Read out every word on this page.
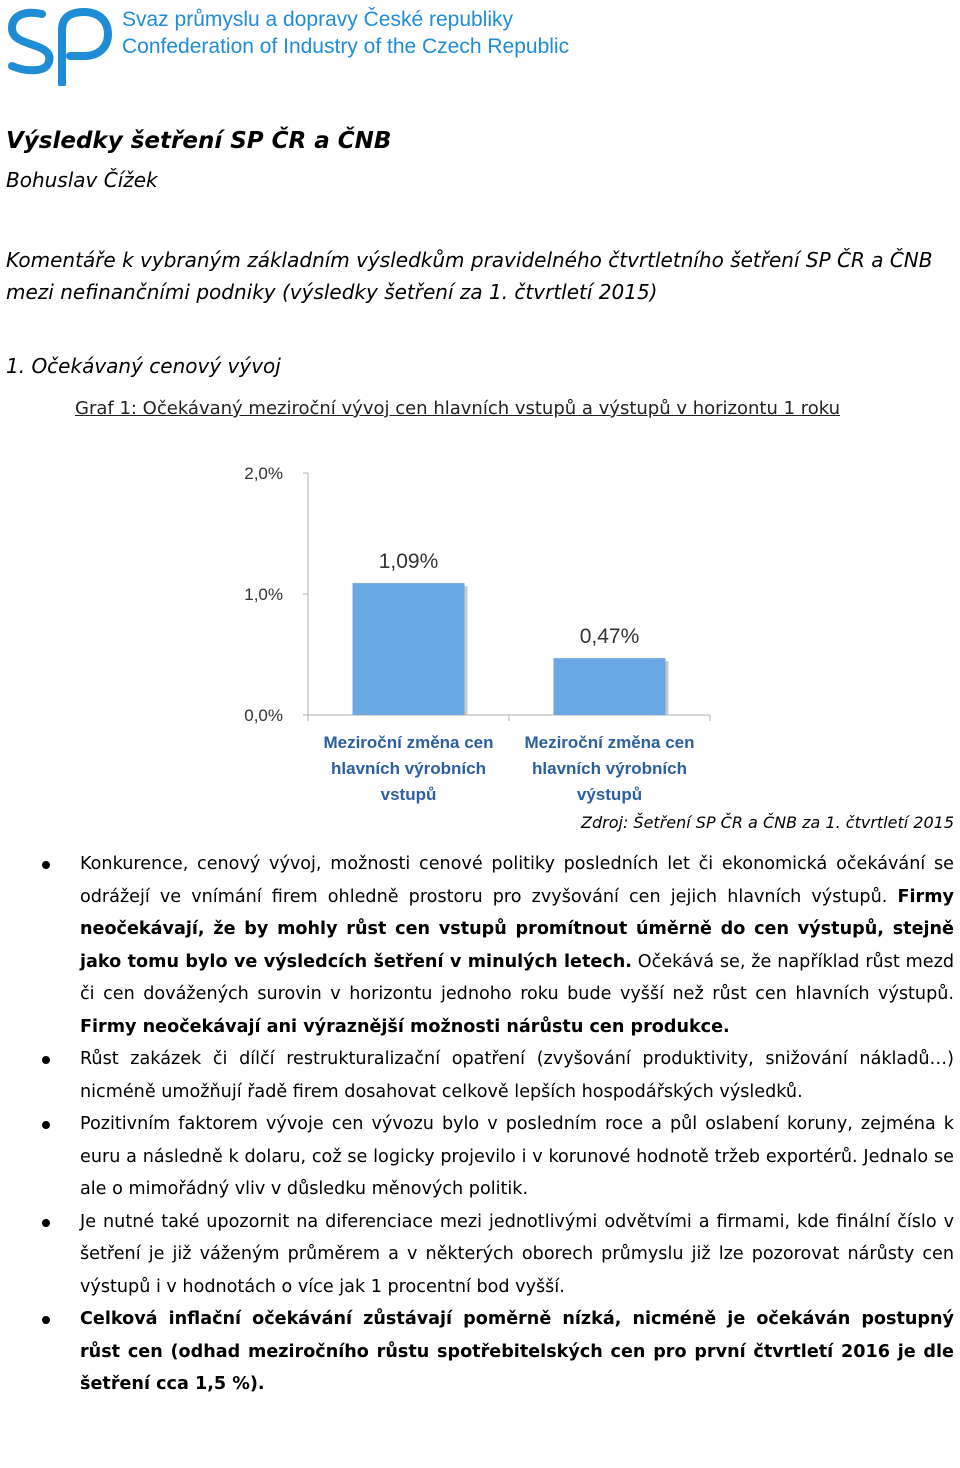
Svaz průmyslu a dopravy České republiky
Confederation of Industry of the Czech Republic
Výsledky šetření SP ČR a ČNB
Bohuslav Čížek
Komentáře k vybraným základním výsledkům pravidelného čtvrtletního šetření SP ČR a ČNB mezi nefinančními podniky (výsledky šetření za 1. čtvrtletí 2015)
1. Očekávaný cenový vývoj
Graf 1: Očekávaný meziroční vývoj cen hlavních vstupů a výstupů v horizontu 1 roku
0,0%
1,0%
2,0%
1,09%
Meziroční změna cen hlavních výrobních vstupů
0,47%
Meziroční změna cen hlavních výrobních výstupů
Zdroj: Šetření SP ČR a ČNB za 1. čtvrtletí 2015
Konkurence, cenový vývoj, možnosti cenové politiky posledních let či ekonomická očekávání se odrážejí ve vnímání firem ohledně prostoru pro zvyšování cen jejich hlavních výstupů. Firmy neočekávají, že by mohly růst cen vstupů promítnout úměrně do cen výstupů, stejně jako tomu bylo ve výsledcích šetření v minulých letech. Očekává se, že například růst mezd či cen dovážených surovin v horizontu jednoho roku bude vyšší než růst cen hlavních výstupů. Firmy neočekávají ani výraznější možnosti nárůstu cen produkce.
Růst zakázek či dílčí restrukturalizační opatření (zvyšování produktivity, snižování nákladů…) nicméně umožňují řadě firem dosahovat celkově lepších hospodářských výsledků.
Pozitivním faktorem vývoje cen vývozu bylo v posledním roce a půl oslabení koruny, zejména k euru a následně k dolaru, což se logicky projevilo i v korunové hodnotě tržeb exportérů. Jednalo se ale o mimořádný vliv v důsledku měnových politik.
Je nutné také upozornit na diferenciace mezi jednotlivými odvětvími a firmami, kde finální číslo v šetření je již váženým průměrem a v některých oborech průmyslu již lze pozorovat nárůsty cen výstupů i v hodnotách o více jak 1 procentní bod vyšší.
Celková inflační očekávání zůstávají poměrně nízká, nicméně je očekáván postupný růst cen (odhad meziročního růstu spotřebitelských cen pro první čtvrtletí 2016 je dle šetření cca 1,5 %).
